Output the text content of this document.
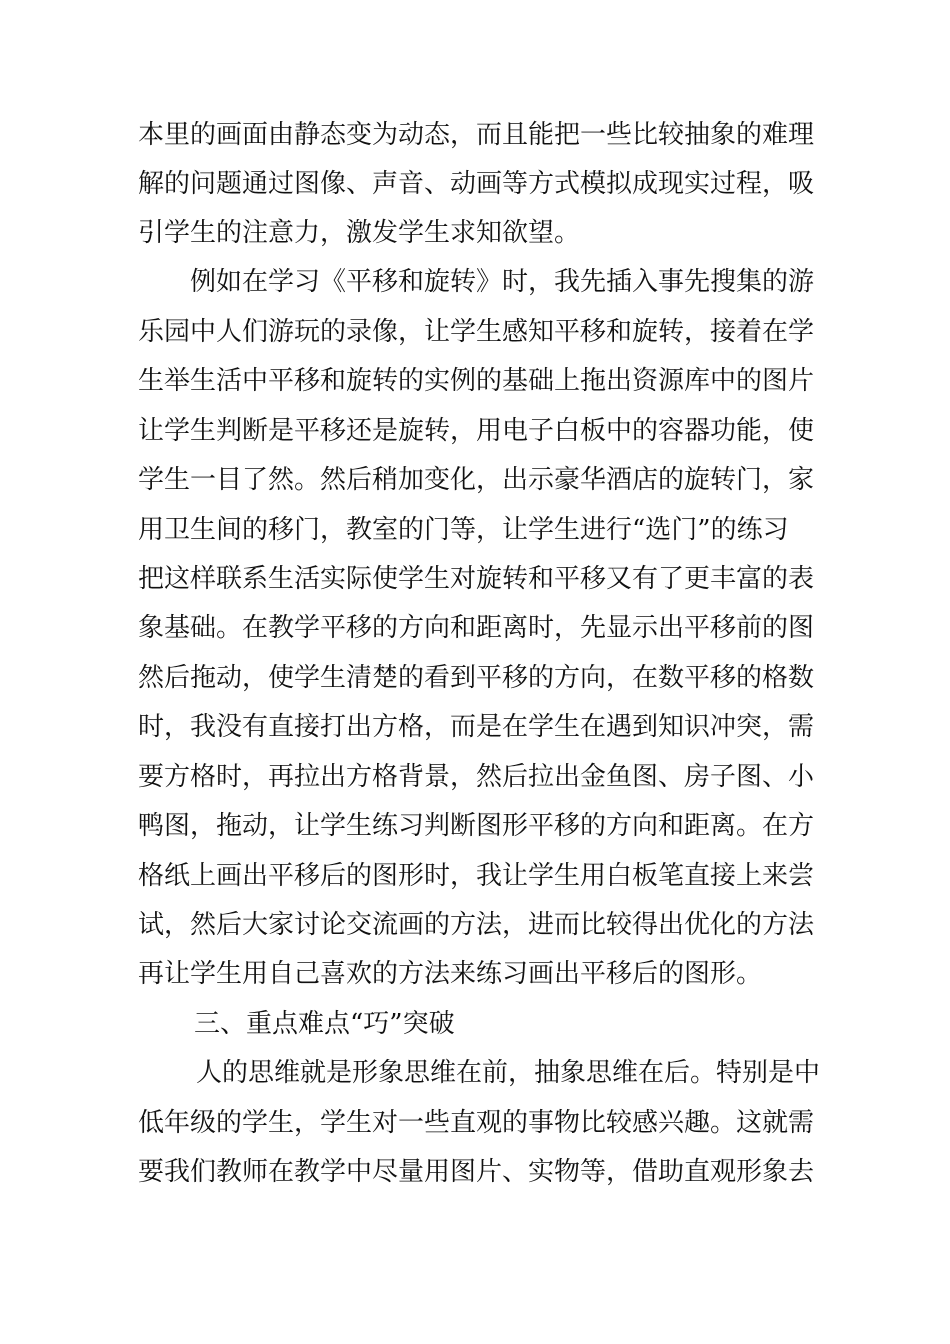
本里的画面由静态变为动态，而且能把一些比较抽象的难理
解的问题通过图像、声音、动画等方式模拟成现实过程，吸
引学生的注意力，激发学生求知欲望。
例如在学习《平移和旋转》时，我先插入事先搜集的游
乐园中人们游玩的录像，让学生感知平移和旋转，接着在学
生举生活中平移和旋转的实例的基础上拖出资源库中的图片
让学生判断是平移还是旋转，用电子白板中的容器功能，使
学生一目了然。然后稍加变化，出示豪华酒店的旋转门，家
用卫生间的移门，教室的门等，让学生进行“选门”的练习
把这样联系生活实际使学生对旋转和平移又有了更丰富的表
象基础。在教学平移的方向和距离时，先显示出平移前的图
然后拖动，使学生清楚的看到平移的方向，在数平移的格数
时，我没有直接打出方格，而是在学生在遇到知识冲突，需
要方格时，再拉出方格背景，然后拉出金鱼图、房子图、小
鸭图，拖动，让学生练习判断图形平移的方向和距离。在方
格纸上画出平移后的图形时，我让学生用白板笔直接上来尝
试，然后大家讨论交流画的方法，进而比较得出优化的方法
再让学生用自己喜欢的方法来练习画出平移后的图形。
三、重点难点“巧”突破
人的思维就是形象思维在前，抽象思维在后。特别是中
低年级的学生，学生对一些直观的事物比较感兴趣。这就需
要我们教师在教学中尽量用图片、实物等，借助直观形象去
